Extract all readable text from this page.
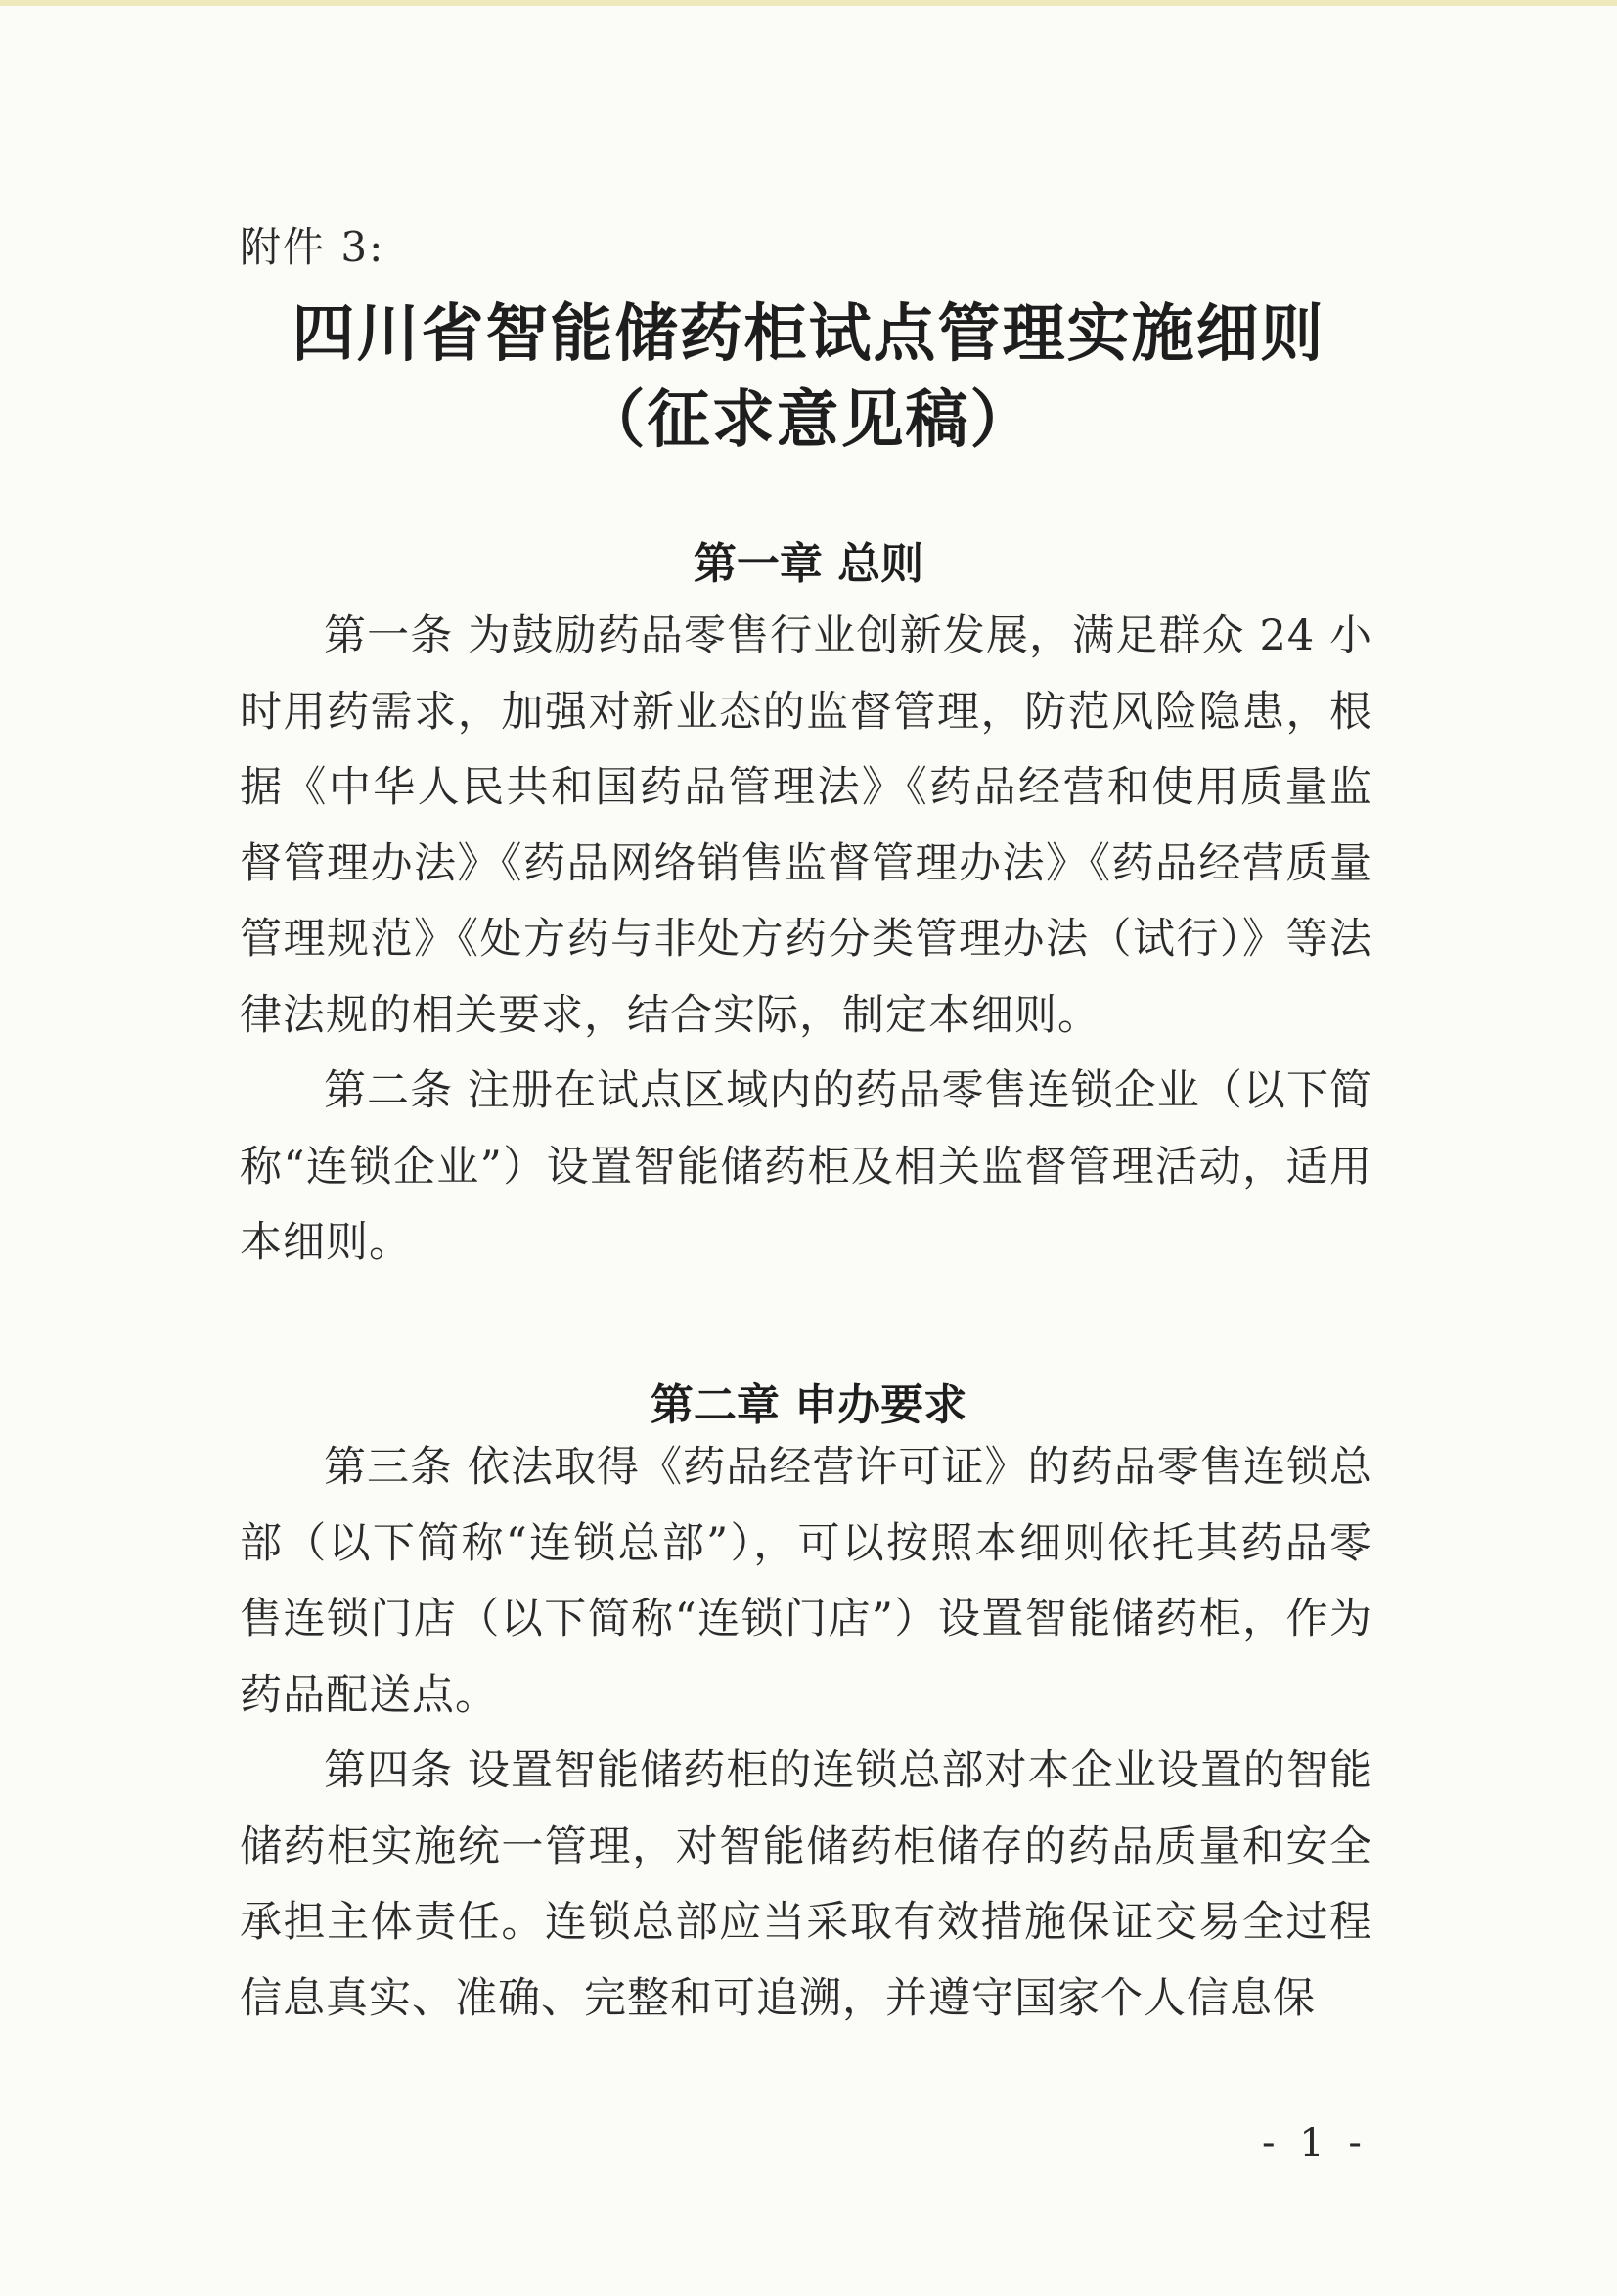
附件 3:
四川省智能储药柜试点管理实施细则
（征求意见稿）
第一章 总则

第一条 为鼓励药品零售行业创新发展，满足群众 24 小时用药需求，加强对新业态的监督管理，防范风险隐患，根据《中华人民共和国药品管理法》《药品经营和使用质量监督管理办法》《药品网络销售监督管理办法》《药品经营质量管理规范》《处方药与非处方药分类管理办法（试行）》等法律法规的相关要求，结合实际，制定本细则。

第二条 注册在试点区域内的药品零售连锁企业（以下简称“连锁企业”）设置智能储药柜及相关监督管理活动，适用本细则。

第二章 申办要求

第三条 依法取得《药品经营许可证》的药品零售连锁总部（以下简称“连锁总部”），可以按照本细则依托其药品零售连锁门店（以下简称“连锁门店”）设置智能储药柜，作为药品配送点。

第四条 设置智能储药柜的连锁总部对本企业设置的智能储药柜实施统一管理，对智能储药柜储存的药品质量和安全承担主体责任。连锁总部应当采取有效措施保证交易全过程信息真实、准确、完整和可追溯，并遵守国家个人信息保

- 1 -
